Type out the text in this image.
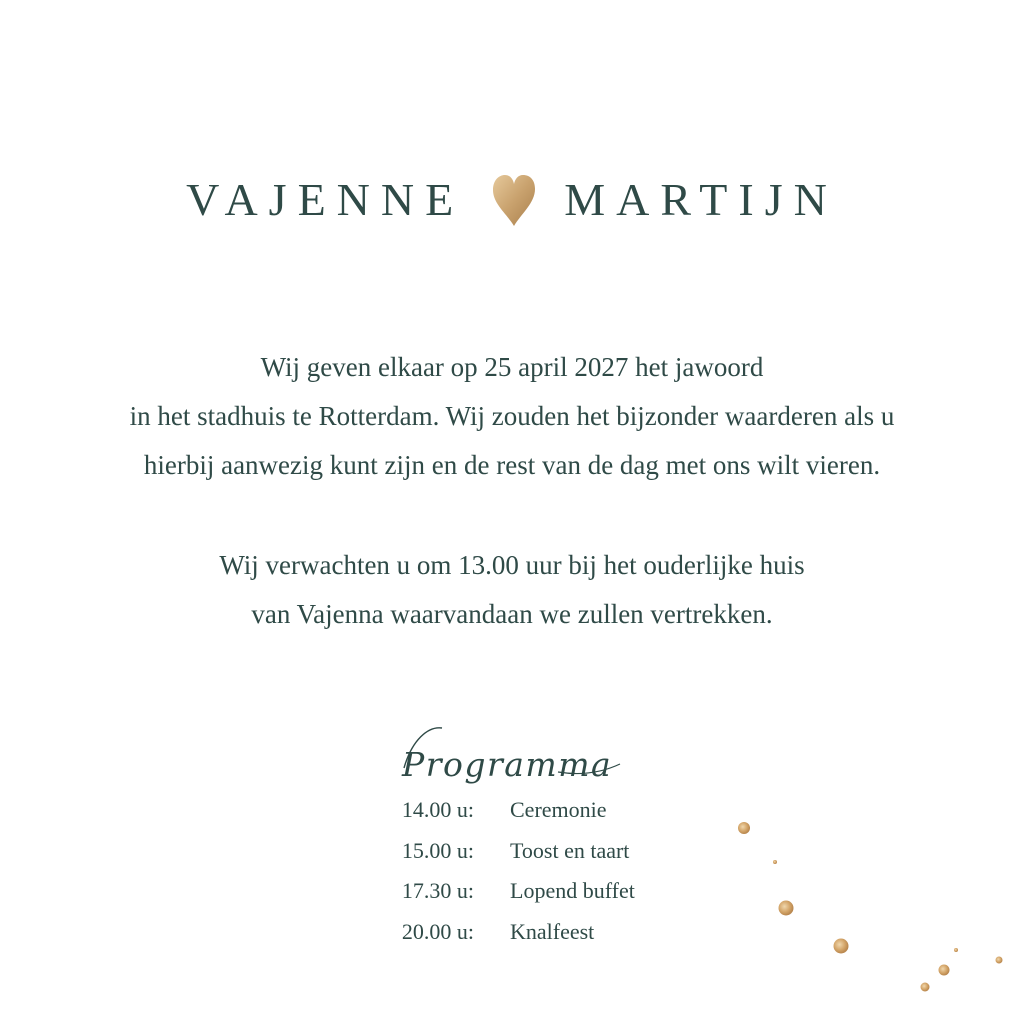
VAJENNE MARTIJN
Wij geven elkaar op 25 april 2027 het jawoord
in het stadhuis te Rotterdam. Wij zouden het bijzonder waarderen als u
hierbij aanwezig kunt zijn en de rest van de dag met ons wilt vieren.
Wij verwachten u om 13.00 uur bij het ouderlijke huis
van Vajenna waarvandaan we zullen vertrekken.
Programma
14.00 u: Ceremonie
15.00 u: Toost en taart
17.30 u: Lopend buffet
20.00 u: Knalfeest
